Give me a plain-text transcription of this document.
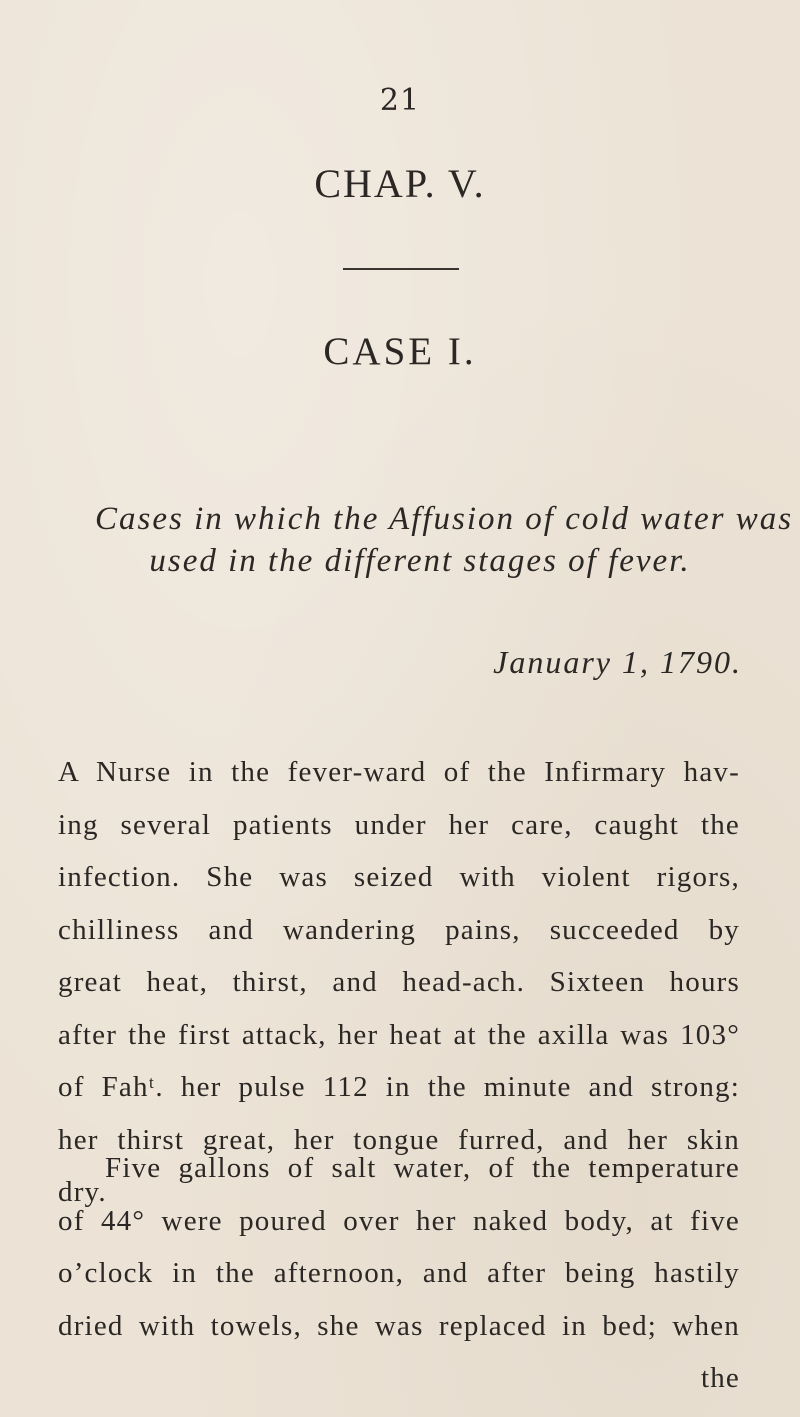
21
CHAP. V.
CASE I.
Cases in which the Affusion of cold water was
used in the different stages of fever.
January 1, 1790.
A Nurse in the fever-ward of the Infirmary hav-
ing several patients under her care, caught the
infection. She was seized with violent rigors,
chilliness and wandering pains, succeeded by
great heat, thirst, and head-ach. Sixteen hours
after the first attack, her heat at the axilla was 103°
of Fahᵗ. her pulse 112 in the minute and strong:
her thirst great, her tongue furred, and her skin
dry.
Five gallons of salt water, of the temperature
of 44° were poured over her naked body, at five
o’clock in the afternoon, and after being hastily
dried with towels, she was replaced in bed; when
the
